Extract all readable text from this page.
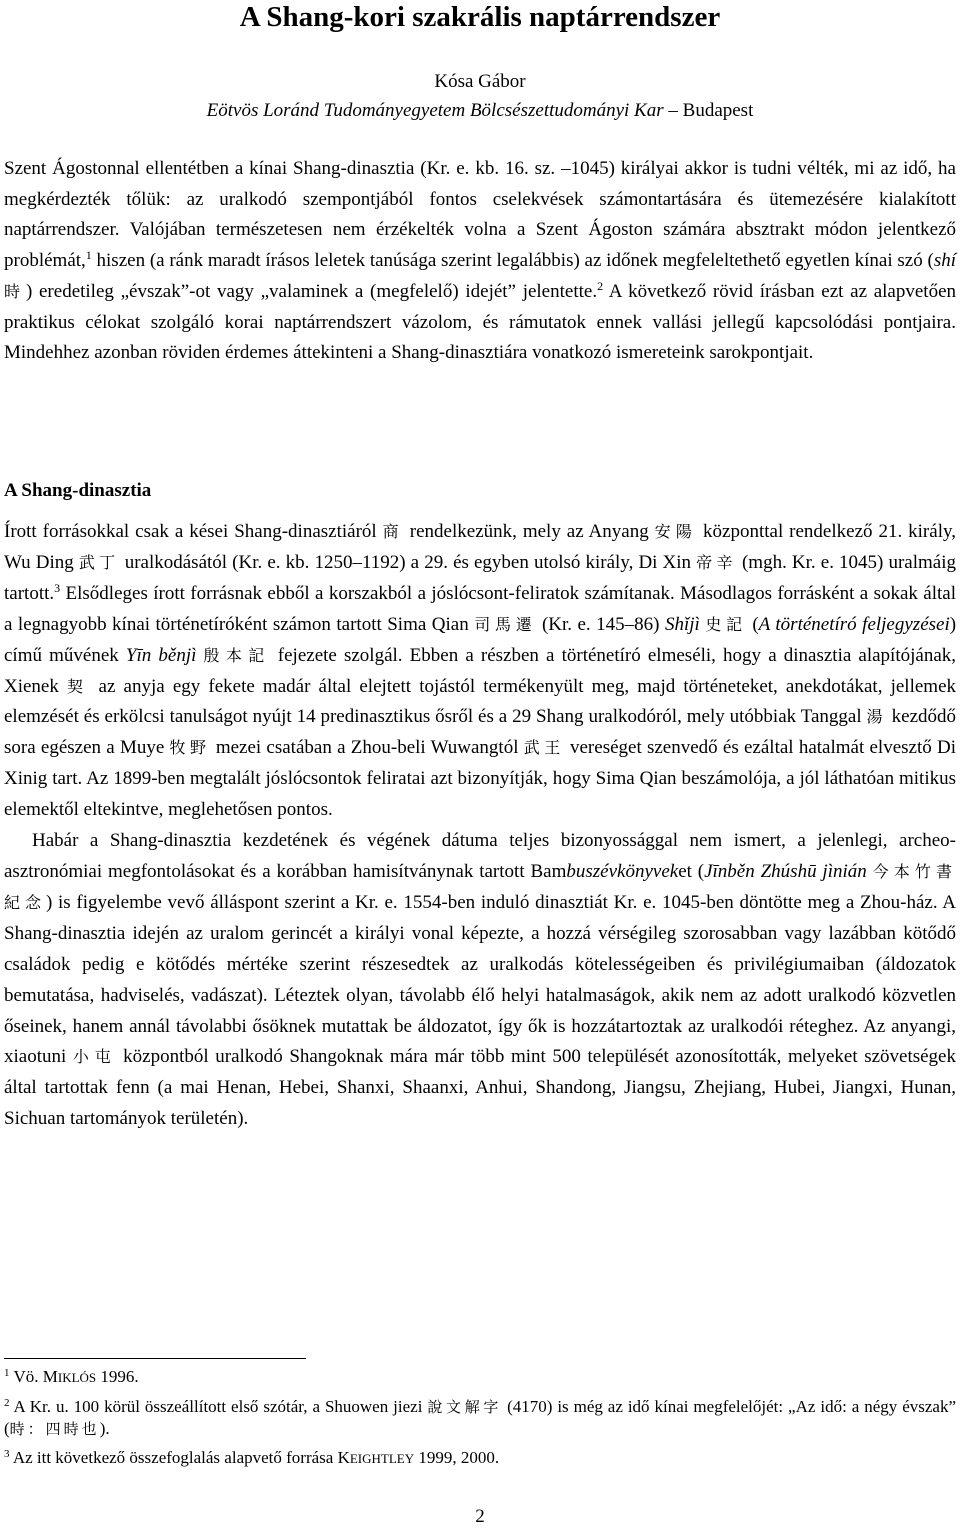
A Shang-kori szakrális naptárrendszer
Kósa Gábor
Eötvös Loránd Tudományegyetem Bölcsészettudományi Kar – Budapest

Szent Ágostonnal ellentétben a kínai Shang-dinasztia (Kr. e. kb. 16. sz. –1045) királyai akkor is tudni vélték, mi az idő, ha megkérdezték tőlük: az uralkodó szempontjából fontos cselekvések számontartására és ütemezésére kialakított naptárrendszer. Valójában természetesen nem érzékelték volna a Szent Ágoston számára absztrakt módon jelentkező problémát,$^1$ hiszen (a ránk maradt írásos leletek tanúsága szerint legalábbis) az időnek megfeleltethető egyetlen kínai szó (shí 時) eredetileg „évszak”-ot vagy „valaminek a (megfelelő) idejét” jelentette.$^2$ A következő rövid írásban ezt az alapvetően praktikus célokat szolgáló korai naptárrendszert vázolom, és rámutatok ennek vallási jellegű kapcsolódási pontjaira. Mindehhez azonban röviden érdemes áttekinteni a Shang-dinasztiára vonatkozó ismereteink sarokpontjait.

A Shang-dinasztia

Írott forrásokkal csak a kései Shang-dinasztiáról 商 rendelkezünk, mely az Anyang 安陽 központtal rendelkező 21. király, Wu Ding 武丁 uralkodásától (Kr. e. kb. 1250–1192) a 29. és egyben utolsó király, Di Xin 帝辛 (mgh. Kr. e. 1045) uralmáig tartott.$^3$ Elsődleges írott forrásnak ebből a korszakból a jóslócsont-feliratok számítanak. Másodlagos forrásként a sokak által a legnagyobb kínai történetíróként számon tartott Sima Qian 司馬遷 (Kr. e. 145–86) Shǐjì 史記 (A történetíró feljegyzései) című művének Yīn běnjì 殷本記 fejezete szolgál. Ebben a részben a történetíró elmeséli, hogy a dinasztia alapítójának, Xienek 契 az anyja egy fekete madár által elejtett tojástól termékenyült meg, majd történeteket, anekdotákat, jellemek elemzését és erkölcsi tanulságot nyújt 14 predinasztikus ősről és a 29 Shang uralkodóról, mely utóbbiak Tanggal 湯 kezdődő sora egészen a Muye 牧野 mezei csatában a Zhou-beli Wuwangtól 武王 vereséget szenvedő és ezáltal hatalmát elvesztő Di Xinig tart. Az 1899-ben megtalált jóslócsontok feliratai azt bizonyítják, hogy Sima Qian beszámolója, a jól láthatóan mitikus elemektől eltekintve, meglehetősen pontos.

Habár a Shang-dinasztia kezdetének és végének dátuma teljes bizonyossággal nem ismert, a jelenlegi, archeo-asztronómiai megfontolásokat és a korábban hamisítványnak tartott Bambuszévkönyveket (Jīnběn Zhúshū jìnián 今本竹書紀念) is figyelembe vevő álláspont szerint a Kr. e. 1554-ben induló dinasztiát Kr. e. 1045-ben döntötte meg a Zhou-ház. A Shang-dinasztia idején az uralom gerincét a királyi vonal képezte, a hozzá vérségileg szorosabban vagy lazábban kötődő családok pedig e kötődés mértéke szerint részesedtek az uralkodás kötelességeiben és privilégiumaiban (áldozatok bemutatása, hadviselés, vadászat). Léteztek olyan, távolabb élő helyi hatalmaságok, akik nem az adott uralkodó közvetlen őseinek, hanem annál távolabbi ősöknek mutattak be áldozatot, így ők is hozzátartoztak az uralkodói réteghez. Az anyangi, xiaotuni 小屯 központból uralkodó Shangoknak mára már több mint 500 települését azonosították, melyeket szövetségek által tartottak fenn (a mai Henan, Hebei, Shanxi, Shaanxi, Anhui, Shandong, Jiangsu, Zhejiang, Hubei, Jiangxi, Hunan, Sichuan tartományok területén).

$^1$ Vö. MIKLÓS 1996.

$^2$ A Kr. u. 100 körül összeállított első szótár, a Shuowen jiezi 說文解字 (4170) is még az idő kínai megfelelőjét: „Az idő: a négy évszak” (時：四時也).

$^3$ Az itt következő összefoglalás alapvető forrása KEIGHTLEY 1999, 2000.

2
